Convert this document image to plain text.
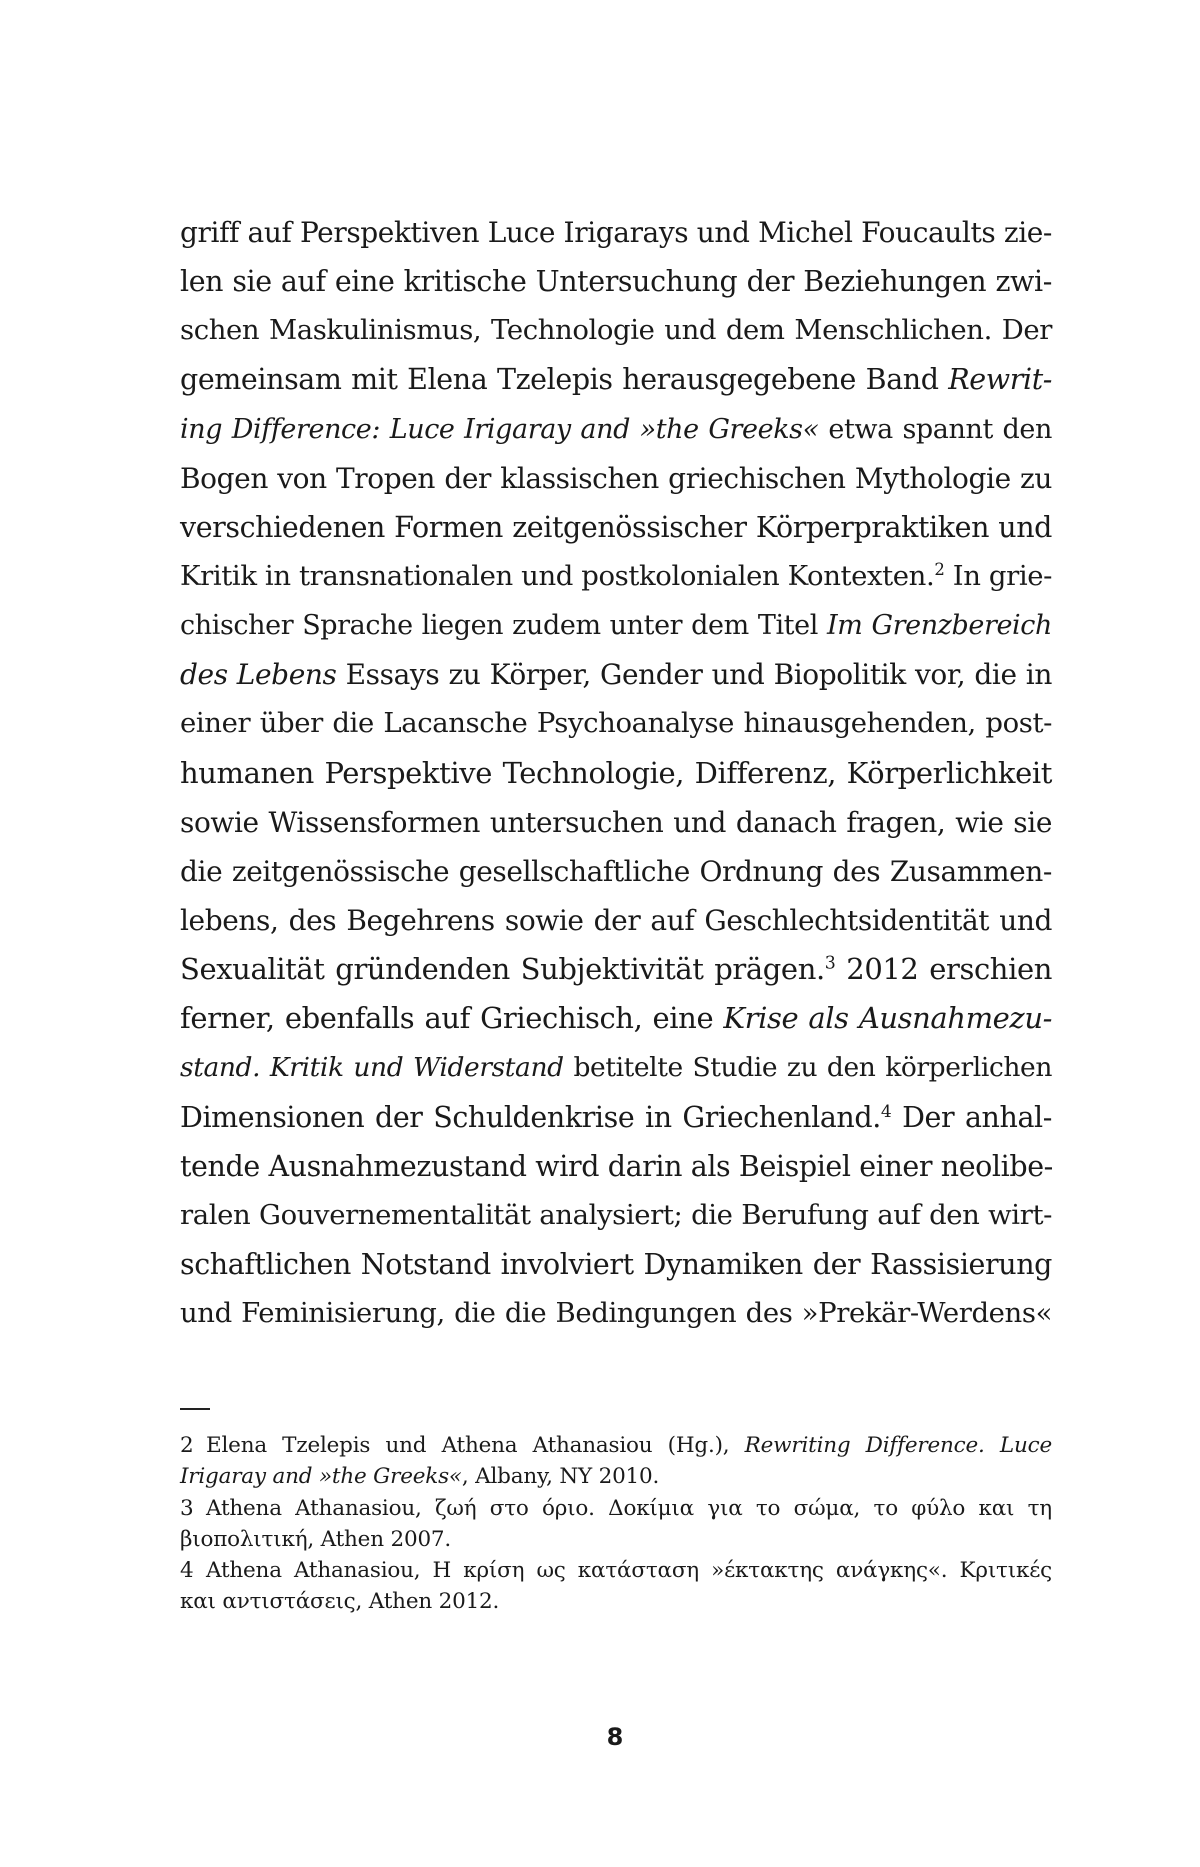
griff auf Perspektiven Luce Irigarays und Michel Foucaults zie-
len sie auf eine kritische Untersuchung der Beziehungen zwi-
schen Maskulinismus, Technologie und dem Menschlichen. Der
gemeinsam mit Elena Tzelepis herausgegebene Band Rewrit-
ing Difference: Luce Irigaray and »the Greeks« etwa spannt den
Bogen von Tropen der klassischen griechischen Mythologie zu
verschiedenen Formen zeitgenössischer Körperpraktiken und
Kritik in transnationalen und postkolonialen Kontexten.$^2$ In grie-
chischer Sprache liegen zudem unter dem Titel Im Grenzbereich
des Lebens Essays zu Körper, Gender und Biopolitik vor, die in
einer über die Lacansche Psychoanalyse hinausgehenden, post-
humanen Perspektive Technologie, Differenz, Körperlichkeit
sowie Wissensformen untersuchen und danach fragen, wie sie
die zeitgenössische gesellschaftliche Ordnung des Zusammen-
lebens, des Begehrens sowie der auf Geschlechtsidentität und
Sexualität gründenden Subjektivität prägen.$^3$ 2012 erschien
ferner, ebenfalls auf Griechisch, eine Krise als Ausnahmezu-
stand. Kritik und Widerstand betitelte Studie zu den körperlichen
Dimensionen der Schuldenkrise in Griechenland.$^4$ Der anhal-
tende Ausnahmezustand wird darin als Beispiel einer neolibe-
ralen Gouvernementalität analysiert; die Berufung auf den wirt-
schaftlichen Notstand involviert Dynamiken der Rassisierung
und Feminisierung, die die Bedingungen des »Prekär-Werdens«
2 Elena Tzelepis und Athena Athanasiou (Hg.), Rewriting Difference. Luce
Irigaray and »the Greeks«, Albany, NY 2010.
3 Athena Athanasiou, ζωή στο όριο. Δοκίμια για το σώμα, το φύλο και τη
βιοπολιτική, Athen 2007.
4 Athena Athanasiou, Η κρίση ως κατάσταση »έκτακτης ανάγκης«. Κριτικές
και αντιστάσεις, Athen 2012.
8
